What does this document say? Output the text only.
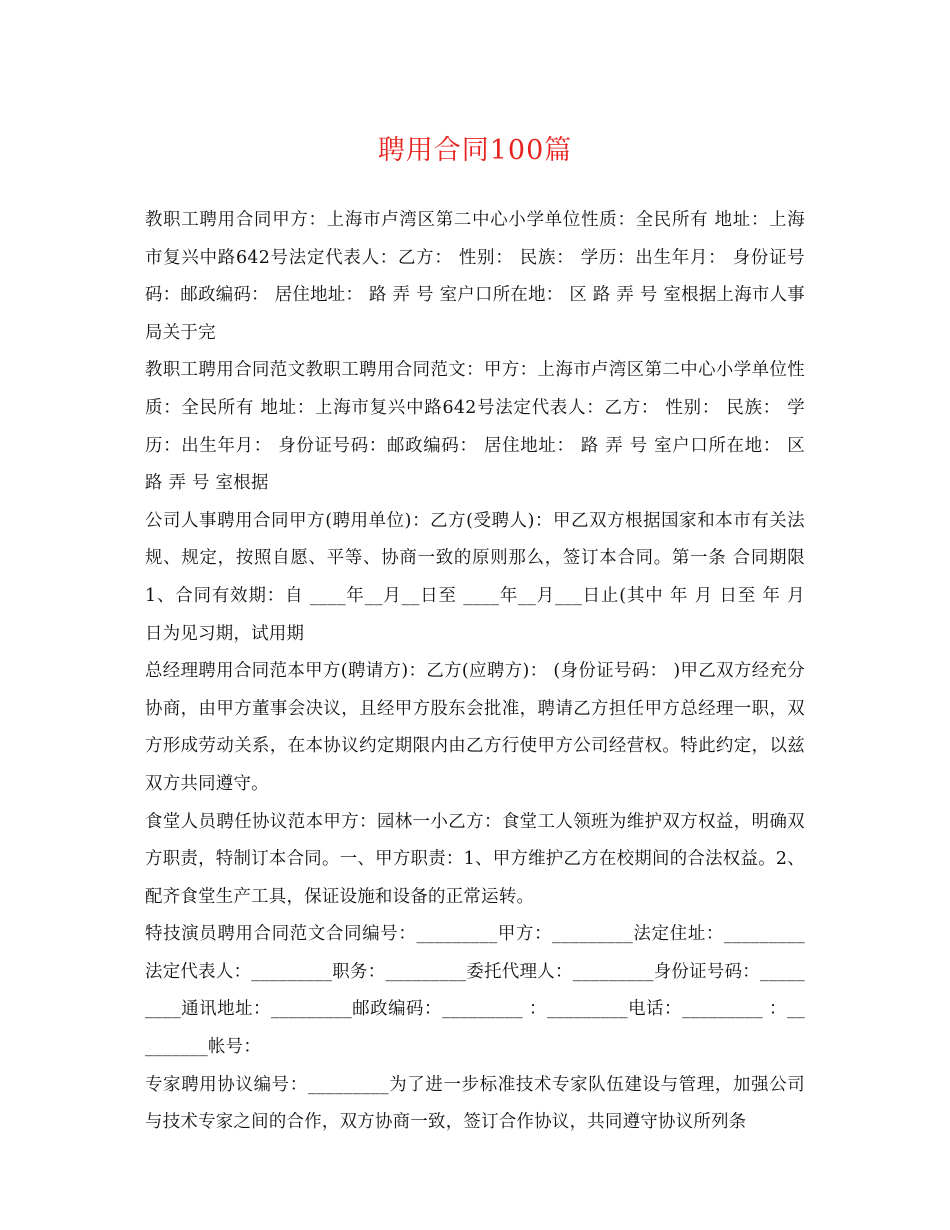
聘用合同100篇

教职工聘用合同甲方：上海市卢湾区第二中心小学单位性质：全民所有 地址：上海市复兴中路642号法定代表人：乙方： 性别： 民族： 学历：出生年月： 身份证号码：邮政编码： 居住地址： 路 弄 号 室户口所在地： 区 路 弄 号 室根据上海市人事局关于完

教职工聘用合同范文教职工聘用合同范文：甲方：上海市卢湾区第二中心小学单位性质：全民所有 地址：上海市复兴中路642号法定代表人：乙方： 性别： 民族： 学历：出生年月： 身份证号码：邮政编码： 居住地址： 路 弄 号 室户口所在地： 区 路 弄 号 室根据

公司人事聘用合同甲方(聘用单位)：乙方(受聘人)：甲乙双方根据国家和本市有关法规、规定，按照自愿、平等、协商一致的原则那么，签订本合同。第一条 合同期限1、合同有效期：自 ____年__月__日至 ____年__月___日止(其中 年 月 日至 年 月 日为见习期，试用期

总经理聘用合同范本甲方(聘请方)：乙方(应聘方)： (身份证号码： )甲乙双方经充分协商，由甲方董事会决议，且经甲方股东会批准，聘请乙方担任甲方总经理一职，双方形成劳动关系，在本协议约定期限内由乙方行使甲方公司经营权。特此约定，以兹双方共同遵守。

食堂人员聘任协议范本甲方：园林一小乙方：食堂工人领班为维护双方权益，明确双方职责，特制订本合同。一、甲方职责：1、甲方维护乙方在校期间的合法权益。2、配齐食堂生产工具，保证设施和设备的正常运转。

特技演员聘用合同范文合同编号：_________甲方：_________法定住址：_________法定代表人：_________职务：_________委托代理人：_________身份证号码：_________通讯地址：_________邮政编码：_________ ：_________电话：_________ ：_________帐号：

专家聘用协议编号：_________为了进一步标准技术专家队伍建设与管理，加强公司与技术专家之间的合作，双方协商一致，签订合作协议，共同遵守协议所列条
